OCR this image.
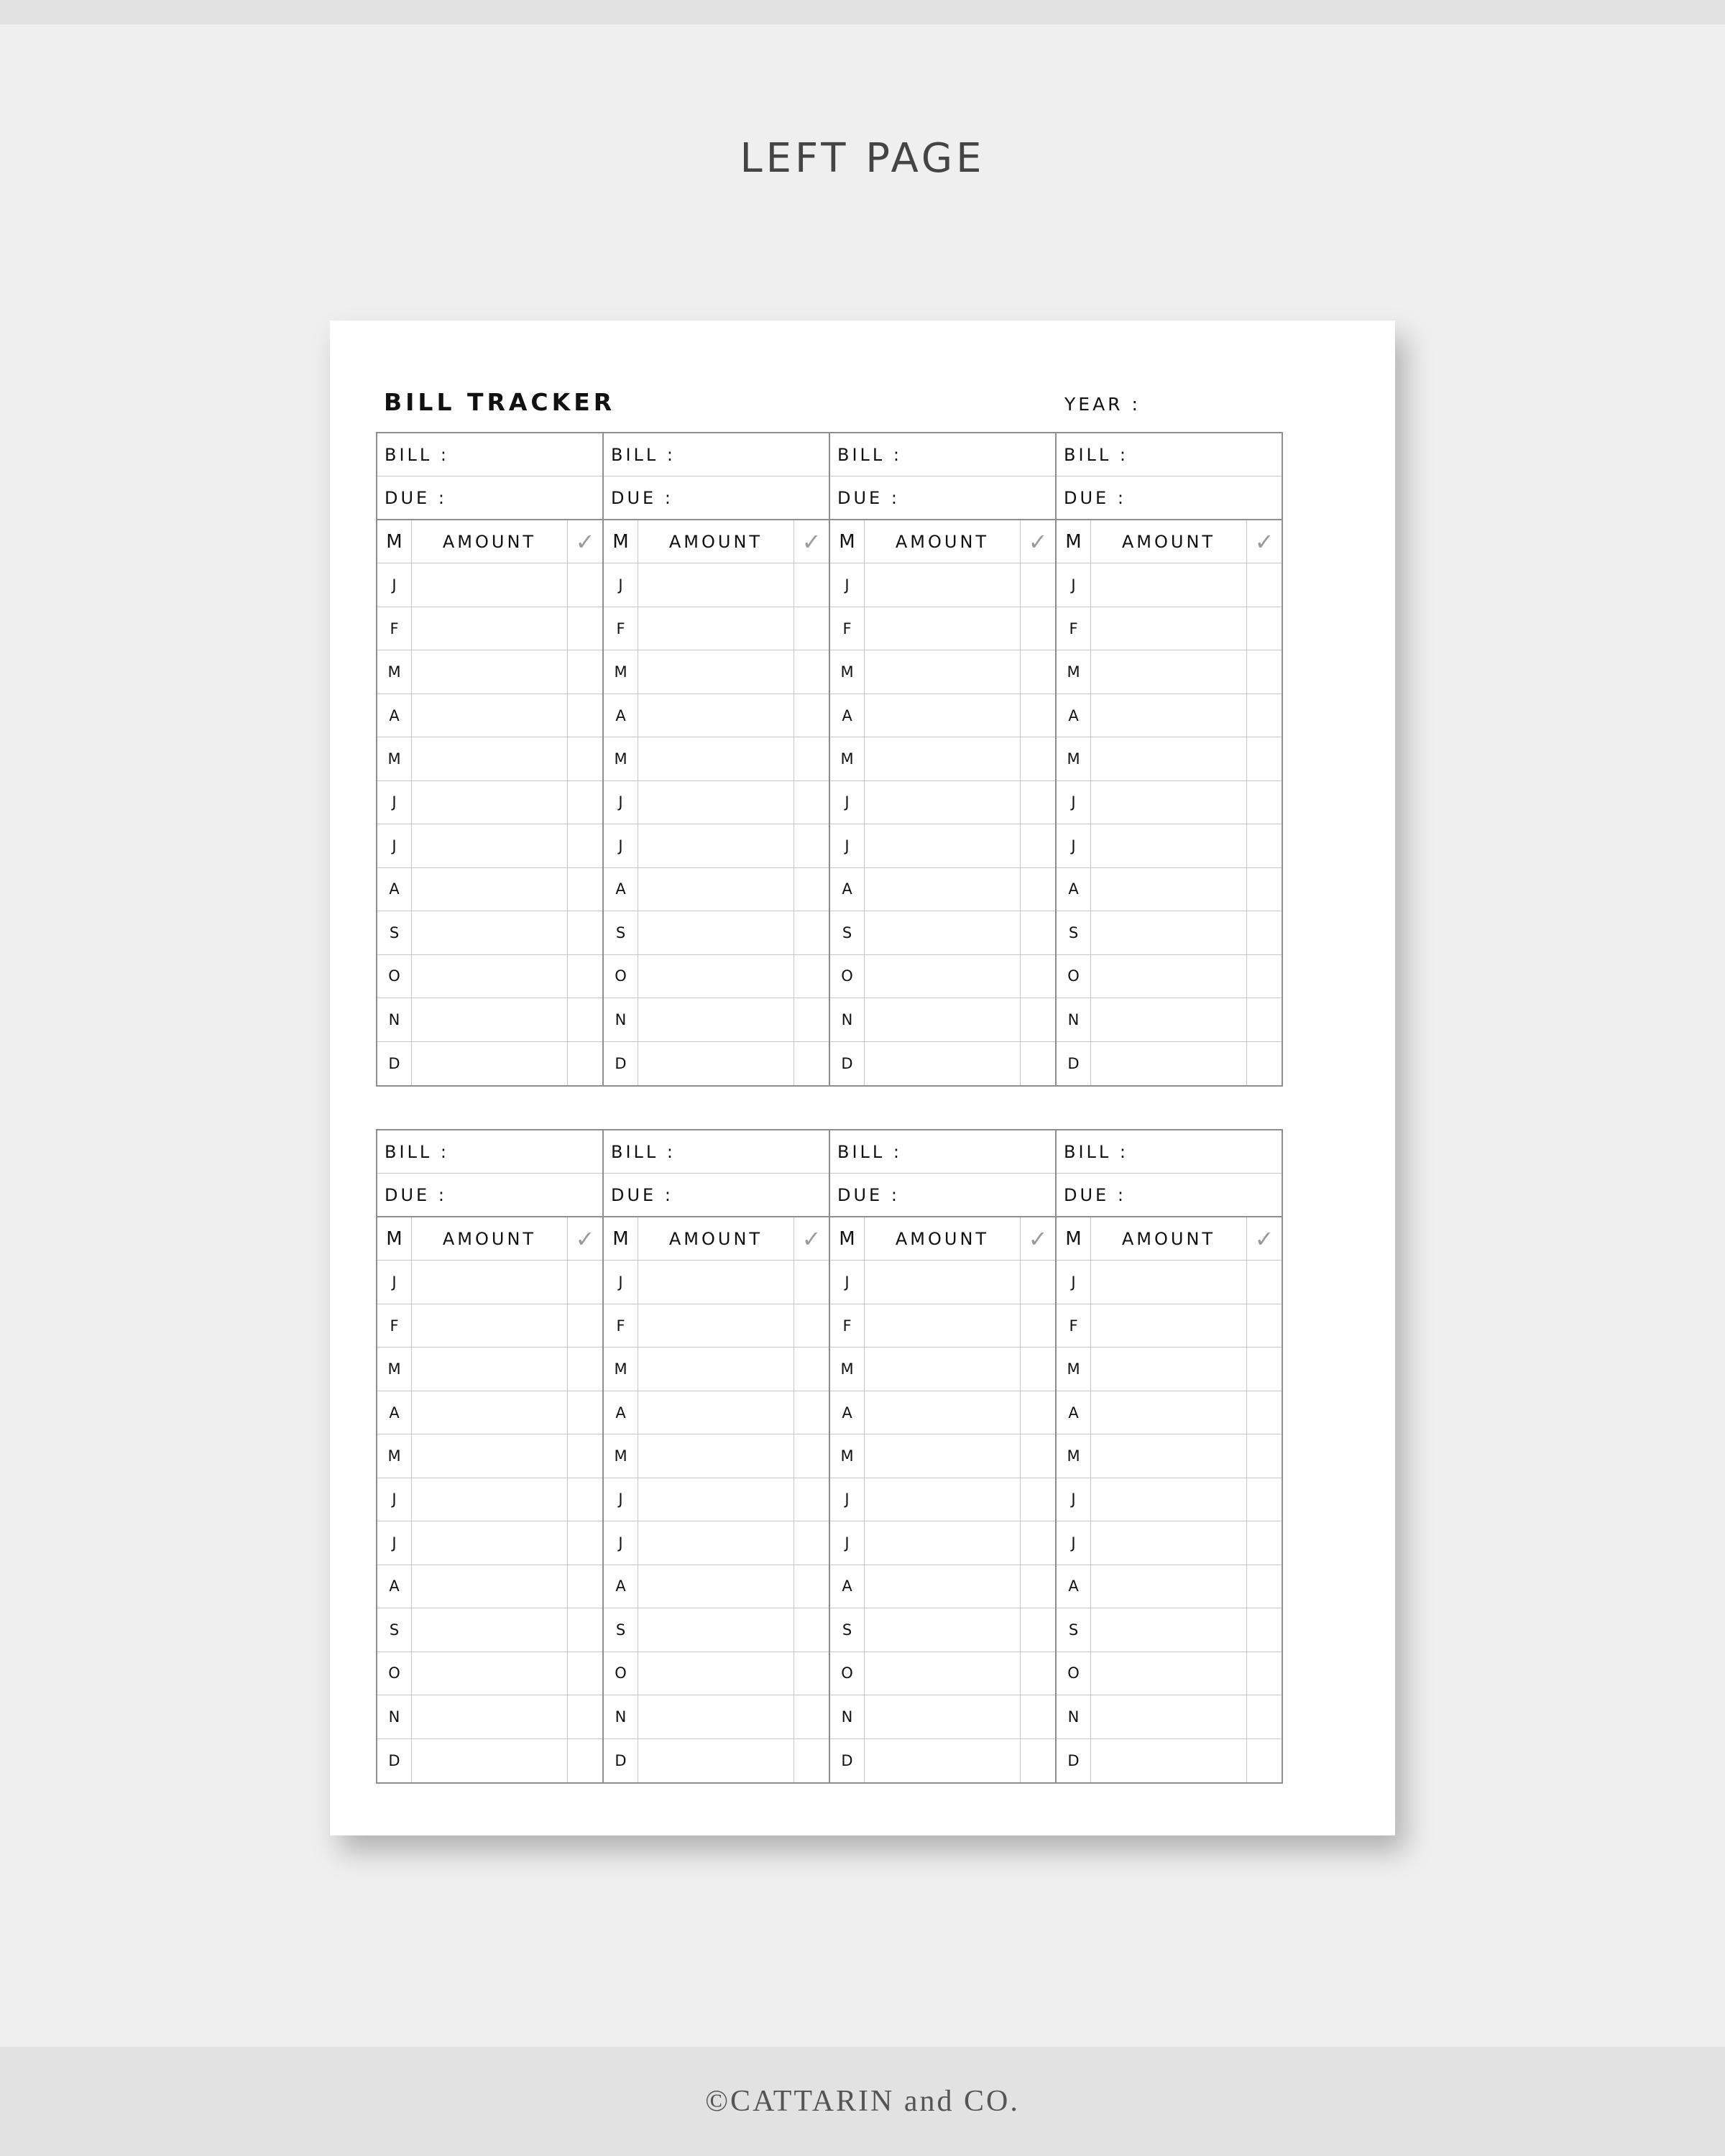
LEFT PAGE
BILL TRACKER	YEAR :
BILL :
DUE :
M	AMOUNT	✓
J
F
M
A
M
J
J
A
S
O
N
D
BILL :
DUE :
M	AMOUNT	✓
J
F
M
A
M
J
J
A
S
O
N
D
BILL :
DUE :
M	AMOUNT	✓
J
F
M
A
M
J
J
A
S
O
N
D
BILL :
DUE :
M	AMOUNT	✓
J
F
M
A
M
J
J
A
S
O
N
D
BILL :
DUE :
M	AMOUNT	✓
J
F
M
A
M
J
J
A
S
O
N
D
BILL :
DUE :
M	AMOUNT	✓
J
F
M
A
M
J
J
A
S
O
N
D
BILL :
DUE :
M	AMOUNT	✓
J
F
M
A
M
J
J
A
S
O
N
D
BILL :
DUE :
M	AMOUNT	✓
J
F
M
A
M
J
J
A
S
O
N
D
©CATTARIN and CO.
